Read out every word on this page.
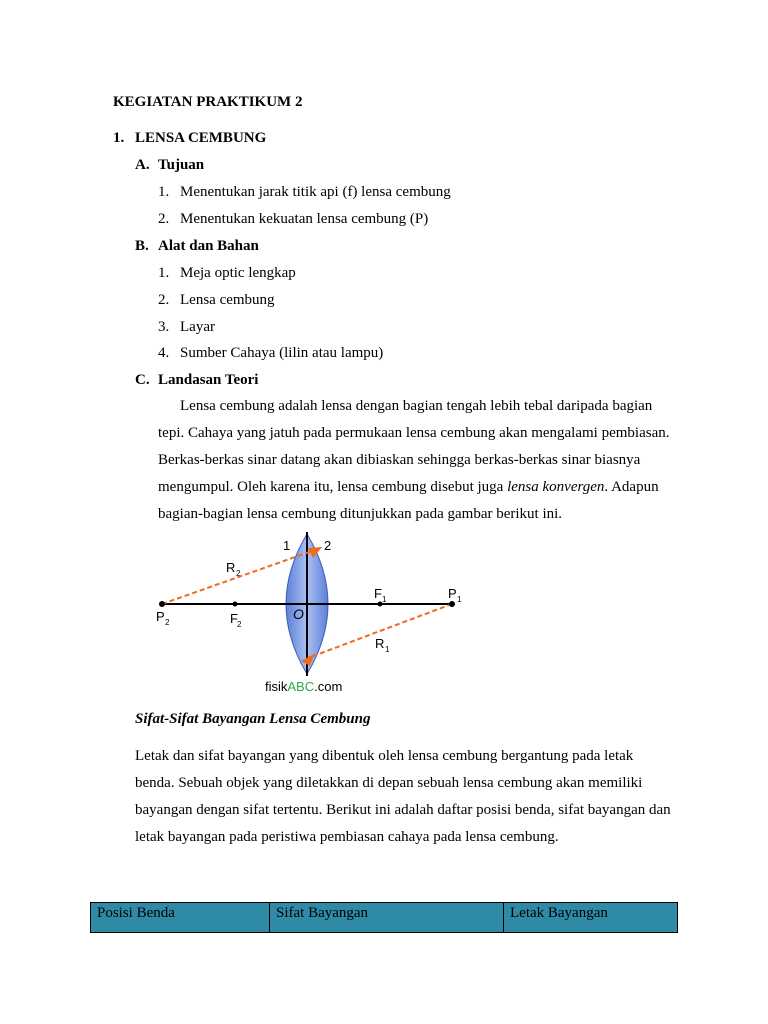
KEGIATAN PRAKTIKUM 2
1. LENSA CEMBUNG
A. Tujuan
1. Menentukan jarak titik api (f) lensa cembung
2. Menentukan kekuatan lensa cembung (P)
B. Alat dan Bahan
1. Meja optic lengkap
2. Lensa cembung
3. Layar
4. Sumber Cahaya (lilin atau lampu)
C. Landasan Teori
Lensa cembung adalah lensa dengan bagian tengah lebih tebal daripada bagian
tepi. Cahaya yang jatuh pada permukaan lensa cembung akan mengalami pembiasan.
Berkas-berkas sinar datang akan dibiaskan sehingga berkas-berkas sinar biasnya
mengumpul. Oleh karena itu, lensa cembung disebut juga lensa konvergen. Adapun
bagian-bagian lensa cembung ditunjukkan pada gambar berikut ini.
1	2
R 2
F 1	P 1
P 2	F 2
O
R 1
fisikABC.com
Sifat-Sifat Bayangan Lensa Cembung
Letak dan sifat bayangan yang dibentuk oleh lensa cembung bergantung pada letak
benda. Sebuah objek yang diletakkan di depan sebuah lensa cembung akan memiliki
bayangan dengan sifat tertentu. Berikut ini adalah daftar posisi benda, sifat bayangan dan
letak bayangan pada peristiwa pembiasan cahaya pada lensa cembung.
Posisi Benda	Sifat Bayangan	Letak Bayangan
